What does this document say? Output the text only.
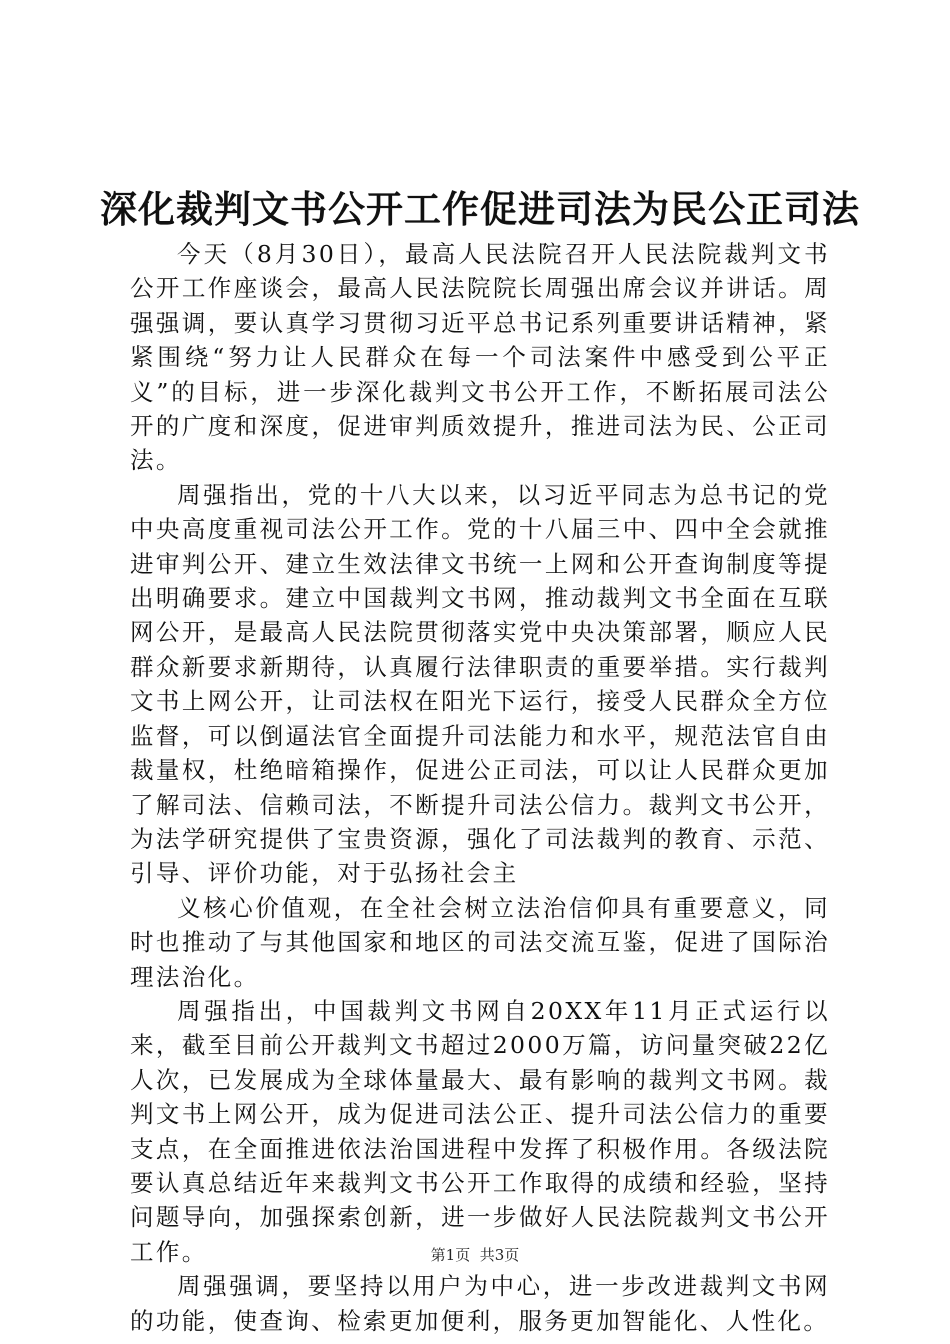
深化裁判文书公开工作促进司法为民公正司法

今天（8月30日），最高人民法院召开人民法院裁判文书公开工作座谈会，最高人民法院院长周强出席会议并讲话。周强强调，要认真学习贯彻习近平总书记系列重要讲话精神，紧紧围绕“努力让人民群众在每一个司法案件中感受到公平正义”的目标，进一步深化裁判文书公开工作，不断拓展司法公开的广度和深度，促进审判质效提升，推进司法为民、公正司法。

周强指出，党的十八大以来，以习近平同志为总书记的党中央高度重视司法公开工作。党的十八届三中、四中全会就推进审判公开、建立生效法律文书统一上网和公开查询制度等提出明确要求。建立中国裁判文书网，推动裁判文书全面在互联网公开，是最高人民法院贯彻落实党中央决策部署，顺应人民群众新要求新期待，认真履行法律职责的重要举措。实行裁判文书上网公开，让司法权在阳光下运行，接受人民群众全方位监督，可以倒逼法官全面提升司法能力和水平，规范法官自由裁量权，杜绝暗箱操作，促进公正司法，可以让人民群众更加了解司法、信赖司法，不断提升司法公信力。裁判文书公开，为法学研究提供了宝贵资源，强化了司法裁判的教育、示范、引导、评价功能，对于弘扬社会主

义核心价值观，在全社会树立法治信仰具有重要意义，同时也推动了与其他国家和地区的司法交流互鉴，促进了国际治理法治化。

周强指出，中国裁判文书网自20XX年11月正式运行以来，截至目前公开裁判文书超过2000万篇，访问量突破22亿人次，已发展成为全球体量最大、最有影响的裁判文书网。裁判文书上网公开，成为促进司法公正、提升司法公信力的重要支点，在全面推进依法治国进程中发挥了积极作用。各级法院要认真总结近年来裁判文书公开工作取得的成绩和经验，坚持问题导向，加强探索创新，进一步做好人民法院裁判文书公开工作。

周强强调，要坚持以用户为中心，进一步改进裁判文书网的功能，使查询、检索更加便利，服务更加智能化、人性化。

第1页 共3页
